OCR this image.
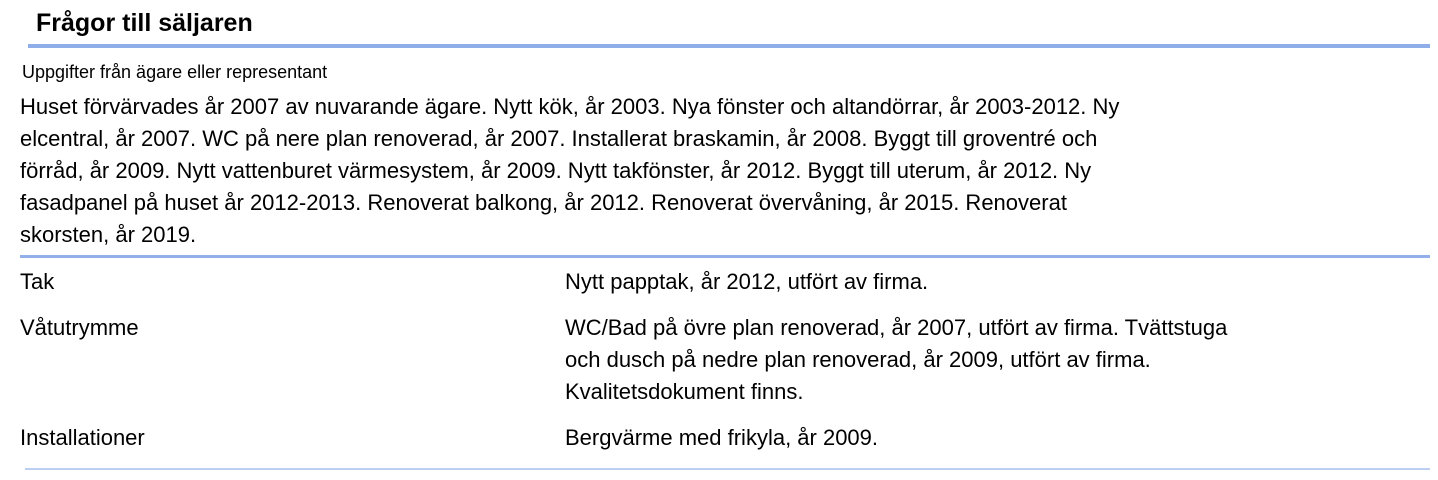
Frågor till säljaren
Uppgifter från ägare eller representant

Huset förvärvades år 2007 av nuvarande ägare. Nytt kök, år 2003. Nya fönster och altandörrar, år 2003-2012. Ny elcentral, år 2007. WC på nere plan renoverad, år 2007. Installerat braskamin, år 2008. Byggt till groventré och förråd, år 2009. Nytt vattenburet värmesystem, år 2009. Nytt takfönster, år 2012. Byggt till uterum, år 2012. Ny fasadpanel på huset år 2012-2013. Renoverat balkong, år 2012. Renoverat övervåning, år 2015. Renoverat skorsten, år 2019.

Tak	Nytt papptak, år 2012, utfört av firma.
Våtutrymme	WC/Bad på övre plan renoverad, år 2007, utfört av firma. Tvättstuga och dusch på nedre plan renoverad, år 2009, utfört av firma. Kvalitetsdokument finns.
Installationer	Bergvärme med frikyla, år 2009.
